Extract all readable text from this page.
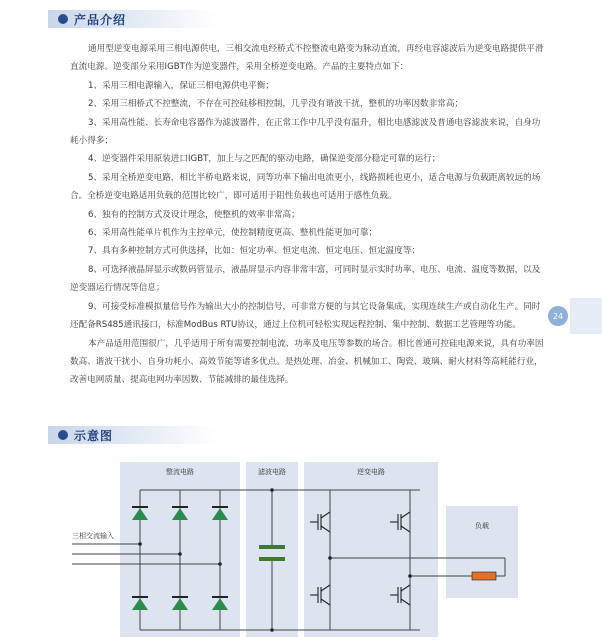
产品介绍

通用型逆变电源采用三相电源供电，三相交流电经桥式不控整流电路变为脉动直流，再经电容滤波后为逆变电路提供平滑直流电源。逆变部分采用IGBT作为逆变器件，采用全桥逆变电路。产品的主要特点如下：

1、采用三相电源输入，保证三相电源供电平衡；

2、采用三相桥式不控整流，不存在可控硅移相控制，几乎没有谐波干扰，整机的功率因数非常高；

3、采用高性能、长寿命电容器作为滤波器件，在正常工作中几乎没有温升，相比电感滤波及普通电容滤波来说，自身功耗小得多；

4、逆变器件采用原装进口IGBT，加上与之匹配的驱动电路，确保逆变部分稳定可靠的运行；

5、采用全桥逆变电路，相比半桥电路来说，同等功率下输出电流更小，线路损耗也更小，适合电源与负载距离较远的场合。全桥逆变电路适用负载的范围比较广，即可适用于阻性负载也可适用于感性负载。

6、独有的控制方式及设计理念，使整机的效率非常高；

6、采用高性能单片机作为主控单元，使控制精度更高、整机性能更加可靠；

7、具有多种控制方式可供选择，比如：恒定功率、恒定电流、恒定电压、恒定温度等；

8、可选择液晶屏显示或数码管显示，液晶屏显示内容非常丰富，可同时显示实时功率、电压、电流、温度等数据，以及逆变器运行情况等信息；

9、可接受标准模拟量信号作为输出大小的控制信号，可非常方便的与其它设备集成，实现连续生产或自动化生产。同时还配备RS485通讯接口，标准ModBus RTU协议，通过上位机可轻松实现远程控制、集中控制、数据工艺管理等功能。

本产品适用范围很广，几乎适用于所有需要控制电流、功率及电压等参数的场合。相比普通可控硅电源来说，具有功率因数高、谐波干扰小、自身功耗小、高效节能等诸多优点。是热处理、冶金、机械加工、陶瓷、玻璃、耐火材料等高耗能行业，改善电网质量、提高电网功率因数、节能减排的最佳选择。

24
示意图
整流电路	滤波电路	逆变电路
负载
三相交流输入
